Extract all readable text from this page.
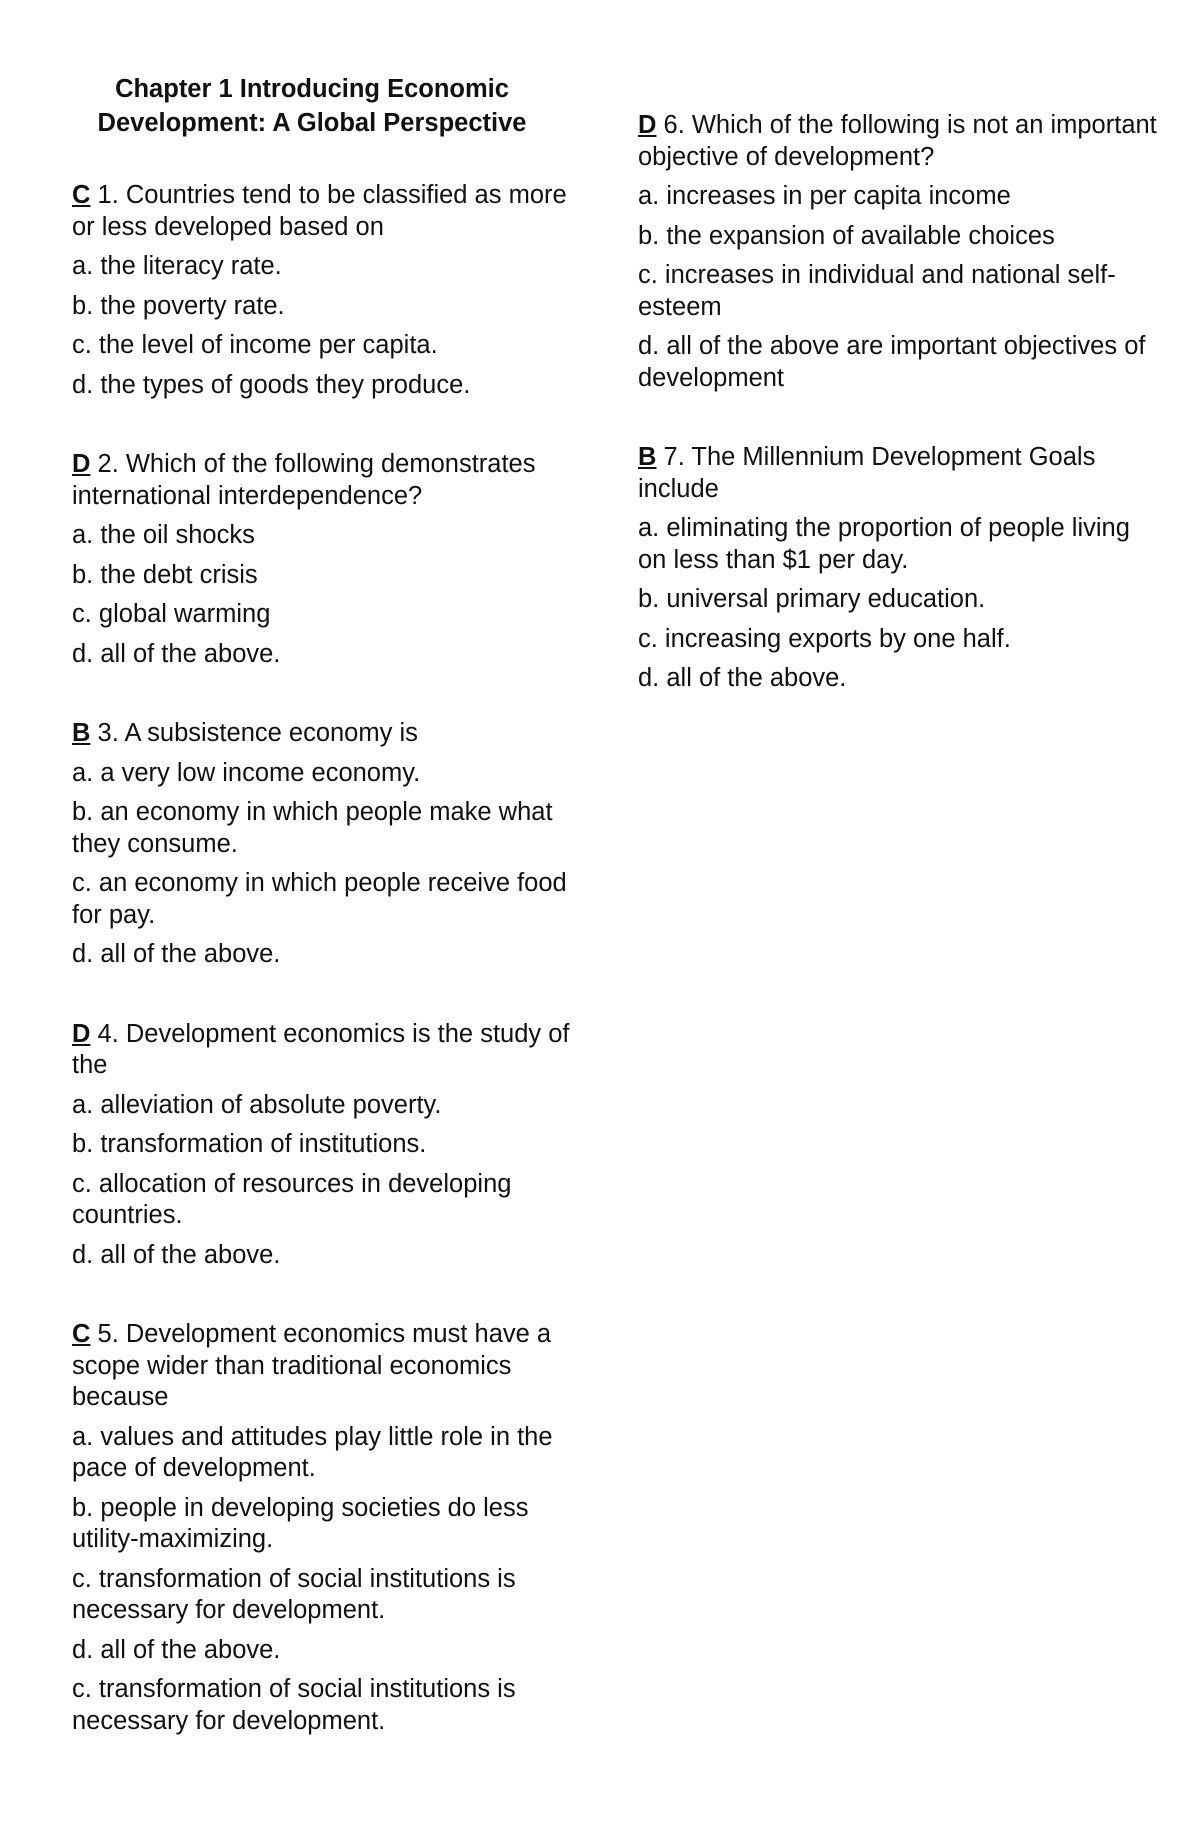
Chapter 1 Introducing Economic
Development: A Global Perspective

C 1. Countries tend to be classified as more or less developed based on

a. the literacy rate.

b. the poverty rate.

c. the level of income per capita.

d. the types of goods they produce.

D 2. Which of the following demonstrates international interdependence?

a. the oil shocks

b. the debt crisis

c. global warming

d. all of the above.

B 3. A subsistence economy is

a. a very low income economy.

b. an economy in which people make what they consume.

c. an economy in which people receive food for pay.

d. all of the above.

D 4. Development economics is the study of the

a. alleviation of absolute poverty.

b. transformation of institutions.

c. allocation of resources in developing countries.

d. all of the above.

C 5. Development economics must have a scope wider than traditional economics because

a. values and attitudes play little role in the pace of development.

b. people in developing societies do less utility-maximizing.

c. transformation of social institutions is necessary for development.

d. all of the above.

c. transformation of social institutions is necessary for development.

D 6. Which of the following is not an important objective of development?

a. increases in per capita income

b. the expansion of available choices

c. increases in individual and national self-esteem

d. all of the above are important objectives of development

B 7. The Millennium Development Goals include

a. eliminating the proportion of people living on less than $1 per day.

b. universal primary education.

c. increasing exports by one half.

d. all of the above.
